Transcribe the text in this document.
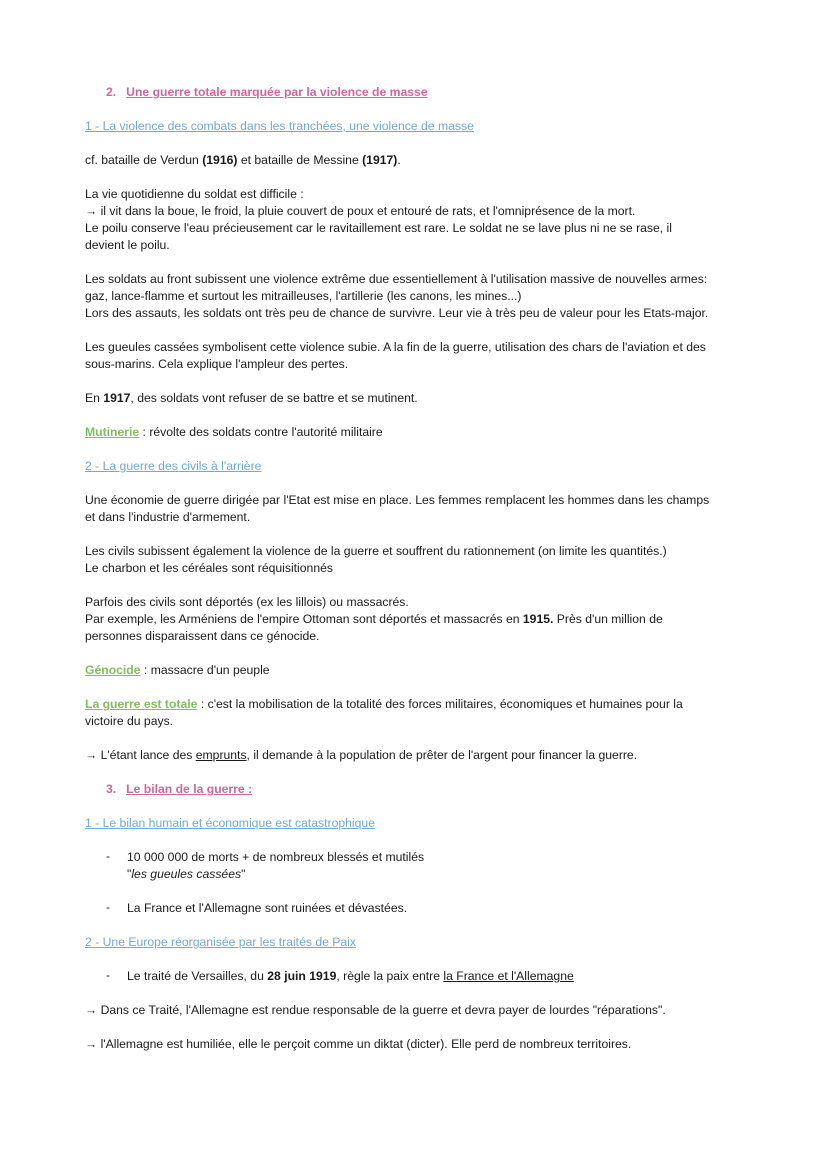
2. Une guerre totale marquée par la violence de masse
1 - La violence des combats dans les tranchées, une violence de masse
cf. bataille de Verdun (1916) et bataille de Messine (1917).
La vie quotidienne du soldat est difficile :
→ il vit dans la boue, le froid, la pluie couvert de poux et entouré de rats, et l'omniprésence de la mort.
Le poilu conserve l'eau précieusement car le ravitaillement est rare. Le soldat ne se lave plus ni ne se rase, il
devient le poilu.
Les soldats au front subissent une violence extrême due essentiellement à l'utilisation massive de nouvelles armes:
gaz, lance-flamme et surtout les mitrailleuses, l'artillerie (les canons, les mines...)
Lors des assauts, les soldats ont très peu de chance de survivre. Leur vie à très peu de valeur pour les Etats-major.
Les gueules cassées symbolisent cette violence subie. A la fin de la guerre, utilisation des chars de l'aviation et des
sous-marins. Cela explique l'ampleur des pertes.
En 1917, des soldats vont refuser de se battre et se mutinent.
Mutinerie : révolte des soldats contre l'autorité militaire
2 - La guerre des civils à l'arrière
Une économie de guerre dirigée par l'Etat est mise en place. Les femmes remplacent les hommes dans les champs
et dans l'industrie d'armement.
Les civils subissent également la violence de la guerre et souffrent du rationnement (on limite les quantités.)
Le charbon et les céréales sont réquisitionnés
Parfois des civils sont déportés (ex les lillois) ou massacrés.
Par exemple, les Arméniens de l'empire Ottoman sont déportés et massacrés en 1915. Près d'un million de
personnes disparaissent dans ce génocide.
Génocide : massacre d'un peuple
La guerre est totale : c'est la mobilisation de la totalité des forces militaires, économiques et humaines pour la
victoire du pays.
→ L'étant lance des emprunts, il demande à la population de prêter de l'argent pour financer la guerre.
3. Le bilan de la guerre :
1 - Le bilan humain et économique est catastrophique
- 10 000 000 de morts + de nombreux blessés et mutilés
"les gueules cassées"
- La France et l'Allemagne sont ruinées et dévastées.
2 - Une Europe réorganisée par les traités de Paix
- Le traité de Versailles, du 28 juin 1919, règle la paix entre la France et l'Allemagne
→ Dans ce Traité, l'Allemagne est rendue responsable de la guerre et devra payer de lourdes "réparations".
→ l'Allemagne est humiliée, elle le perçoit comme un diktat (dicter). Elle perd de nombreux territoires.
